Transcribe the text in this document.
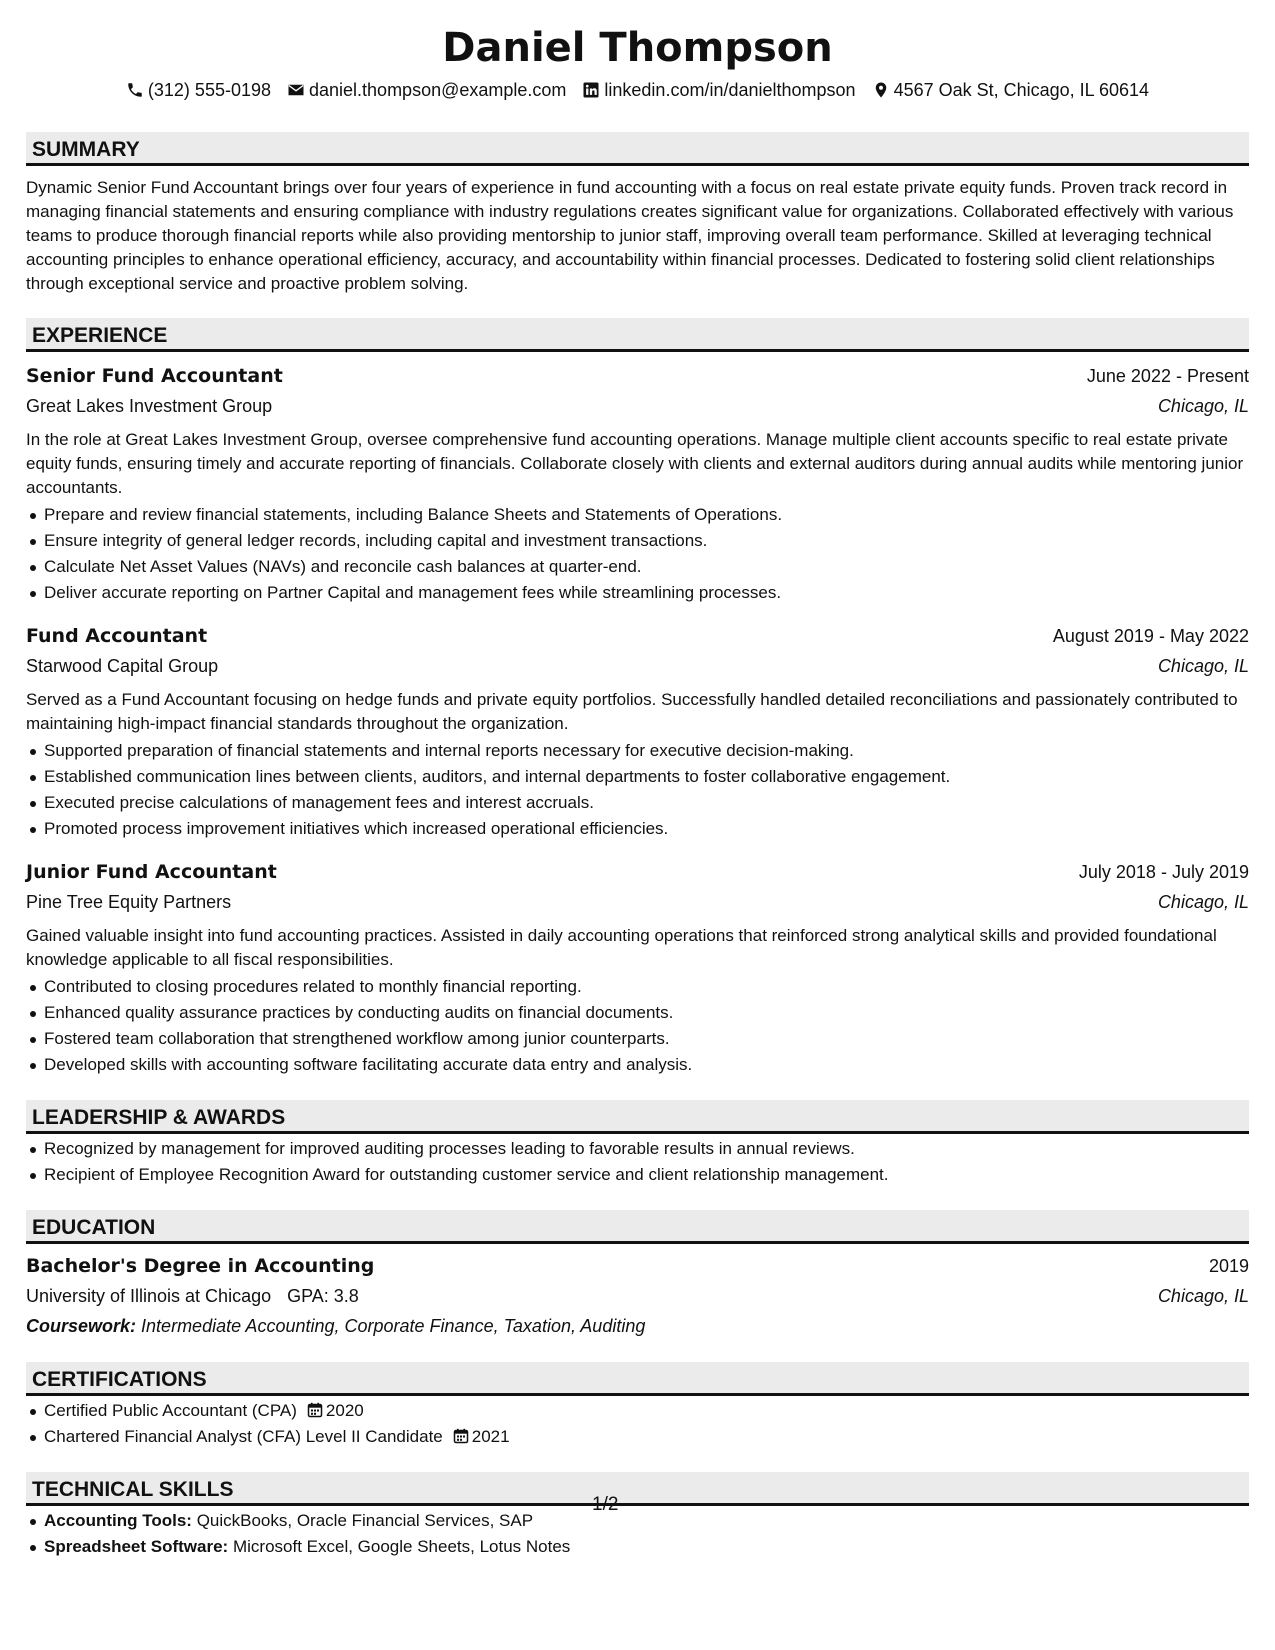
Daniel Thompson
(312) 555-0198 daniel.thompson@example.com linkedin.com/in/danielthompson 4567 Oak St, Chicago, IL 60614
SUMMARY

Dynamic Senior Fund Accountant brings over four years of experience in fund accounting with a focus on real estate private equity funds. Proven track record in managing financial statements and ensuring compliance with industry regulations creates significant value for organizations. Collaborated effectively with various teams to produce thorough financial reports while also providing mentorship to junior staff, improving overall team performance. Skilled at leveraging technical accounting principles to enhance operational efficiency, accuracy, and accountability within financial processes. Dedicated to fostering solid client relationships through exceptional service and proactive problem solving.

EXPERIENCE
Senior Fund Accountant	June 2022 - Present
Great Lakes Investment Group	Chicago, IL

In the role at Great Lakes Investment Group, oversee comprehensive fund accounting operations. Manage multiple client accounts specific to real estate private equity funds, ensuring timely and accurate reporting of financials. Collaborate closely with clients and external auditors during annual audits while mentoring junior accountants.

Prepare and review financial statements, including Balance Sheets and Statements of Operations.
Ensure integrity of general ledger records, including capital and investment transactions.
Calculate Net Asset Values (NAVs) and reconcile cash balances at quarter-end.
Deliver accurate reporting on Partner Capital and management fees while streamlining processes.
Fund Accountant	August 2019 - May 2022
Starwood Capital Group	Chicago, IL

Served as a Fund Accountant focusing on hedge funds and private equity portfolios. Successfully handled detailed reconciliations and passionately contributed to maintaining high-impact financial standards throughout the organization.

Supported preparation of financial statements and internal reports necessary for executive decision-making.
Established communication lines between clients, auditors, and internal departments to foster collaborative engagement.
Executed precise calculations of management fees and interest accruals.
Promoted process improvement initiatives which increased operational efficiencies.
Junior Fund Accountant	July 2018 - July 2019
Pine Tree Equity Partners	Chicago, IL

Gained valuable insight into fund accounting practices. Assisted in daily accounting operations that reinforced strong analytical skills and provided foundational knowledge applicable to all fiscal responsibilities.

Contributed to closing procedures related to monthly financial reporting.
Enhanced quality assurance practices by conducting audits on financial documents.
Fostered team collaboration that strengthened workflow among junior counterparts.
Developed skills with accounting software facilitating accurate data entry and analysis.
LEADERSHIP & AWARDS
Recognized by management for improved auditing processes leading to favorable results in annual reviews.
Recipient of Employee Recognition Award for outstanding customer service and client relationship management.
EDUCATION
Bachelor's Degree in Accounting	2019
University of Illinois at Chicago GPA: 3.8	Chicago, IL
Coursework: Intermediate Accounting, Corporate Finance, Taxation, Auditing
CERTIFICATIONS
Certified Public Accountant (CPA) 2020
Chartered Financial Analyst (CFA) Level II Candidate 2021
TECHNICAL SKILLS
Accounting Tools: QuickBooks, Oracle Financial Services, SAP
Spreadsheet Software: Microsoft Excel, Google Sheets, Lotus Notes
1/2
